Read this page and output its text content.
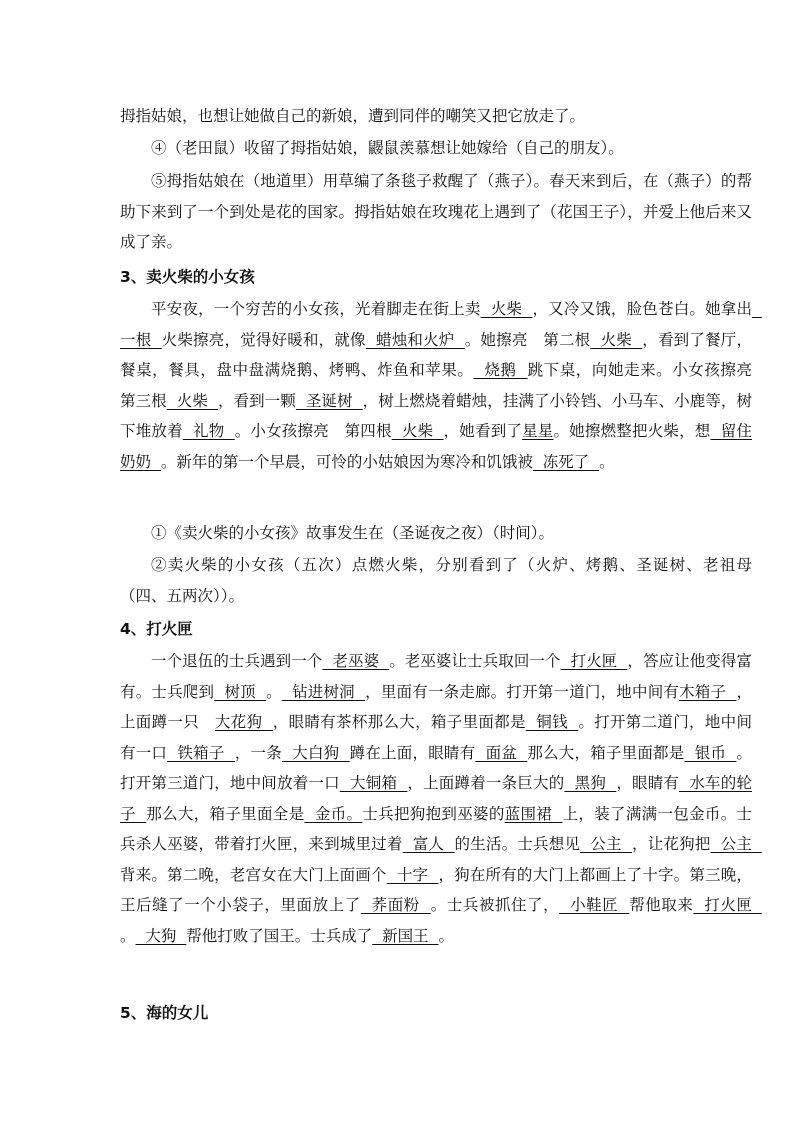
拇指姑娘，也想让她做自己的新娘，遭到同伴的嘲笑又把它放走了。

④（老田鼠）收留了拇指姑娘，鼹鼠羡慕想让她嫁给（自己的朋友）。

⑤拇指姑娘在（地道里）用草编了条毯子救醒了（燕子）。春天来到后，在（燕子）的帮助下来到了一个到处是花的国家。拇指姑娘在玫瑰花上遇到了（花国王子），并爱上他后来又成了亲。

3、卖火柴的小女孩

平安夜，一个穷苦的小女孩，光着脚走在街上卖  火柴  ，又冷又饿，脸色苍白。她拿出  一根  火柴擦亮，觉得好暖和，就像  蜡烛和火炉  。她擦亮　第二根  火柴  ，看到了餐厅，餐桌，餐具，盘中盘满烧鹅、烤鸭、炸鱼和苹果。  烧鹅  跳下桌，向她走来。小女孩擦亮　第三根  火柴  ，看到一颗  圣诞树  ，树上燃烧着蜡烛，挂满了小铃铛、小马车、小鹿等，树下堆放着  礼物  。小女孩擦亮　第四根  火柴  ，她看到了星星。她擦燃整把火柴，想  留住奶奶  。新年的第一个早晨，可怜的小姑娘因为寒冷和饥饿被  冻死了  。

①《卖火柴的小女孩》故事发生在（圣诞夜之夜）（时间）。

②卖火柴的小女孩（五次）点燃火柴，分别看到了（火炉、烤鹅、圣诞树、老祖母（四、五两次））。

4、打火匣

一个退伍的士兵遇到一个  老巫婆  。老巫婆让士兵取回一个  打火匣  ，答应让他变得富有。士兵爬到  树顶  。  钻进树洞  ，里面有一条走廊。打开第一道门，地中间有木箱子  ，上面蹲一只　大花狗  ，眼睛有茶杯那么大，箱子里面都是  铜钱  。打开第二道门，地中间有一口  铁箱子  ，一条  大白狗  蹲在上面，眼睛有  面盆  那么大，箱子里面都是  银币  。打开第三道门，地中间放着一口  大铜箱  ，上面蹲着一条巨大的  黑狗  ，眼睛有  水车的轮子  那么大，箱子里面全是  金币。士兵把狗抱到巫婆的蓝围裙  上，装了满满一包金币。士兵杀人巫婆，带着打火匣，来到城里过着  富人  的生活。士兵想见  公主  ，让花狗把  公主  背来。第二晚，老宫女在大门上面画个  十字  ，狗在所有的大门上都画上了十字。第三晚，王后缝了一个小袋子，里面放上了  荞面粉  。士兵被抓住了，  小鞋匠  帮他取来  打火匣  。  大狗  帮他打败了国王。士兵成了  新国王  。

5、海的女儿
